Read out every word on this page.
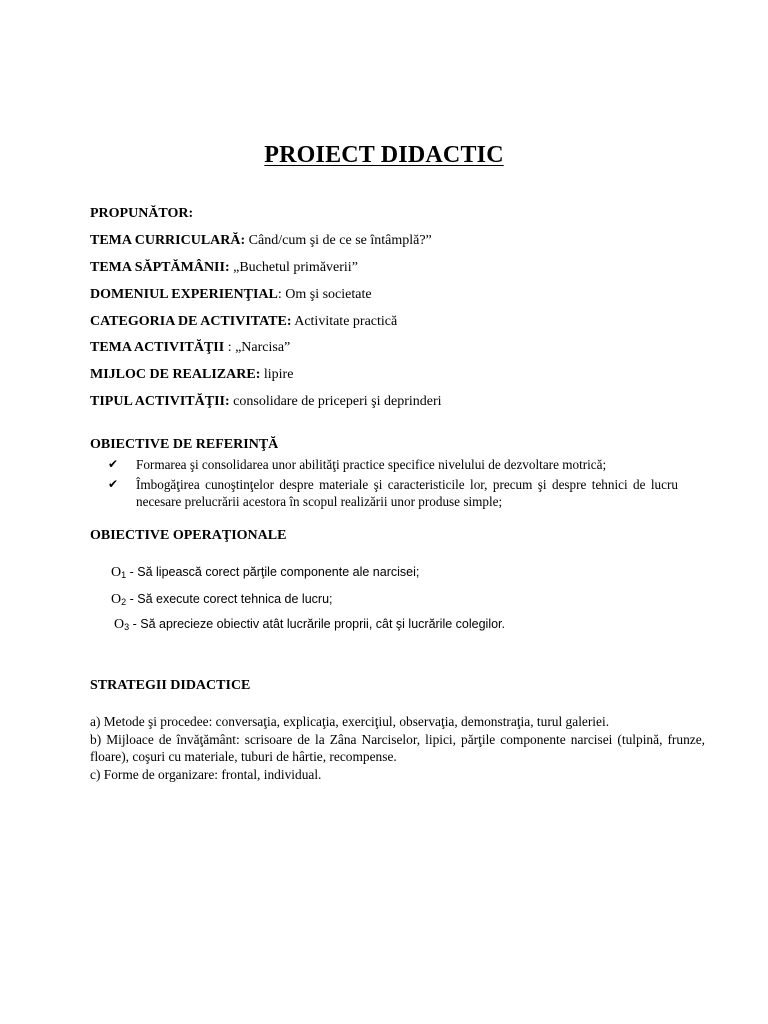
PROIECT DIDACTIC
PROPUNĂTOR:
TEMA CURRICULARĂ: Când/cum şi de ce se întâmplă?”
TEMA SĂPTĂMÂNII: „Buchetul primăverii”
DOMENIUL EXPERIENŢIAL: Om şi societate
CATEGORIA DE ACTIVITATE: Activitate practică
TEMA ACTIVITĂŢII : „Narcisa”
MIJLOC DE REALIZARE: lipire
TIPUL ACTIVITĂŢII: consolidare de priceperi şi deprinderi
OBIECTIVE DE REFERINŢĂ
✔	Formarea şi consolidarea unor abilităţi practice specifice nivelului de dezvoltare motrică;
✔	Îmbogăţirea cunoştinţelor despre materiale şi caracteristicile lor, precum şi despre tehnici de lucru necesare prelucrării acestora în scopul realizării unor produse simple;
OBIECTIVE OPERAŢIONALE
$O_1$ - Să lipească corect părţile componente ale narcisei;
$O_2$ - Să execute corect tehnica de lucru;
$O_3$ - Să aprecieze obiectiv atât lucrările proprii, cât şi lucrările colegilor.
STRATEGII DIDACTICE

a) Metode şi procedee: conversaţia, explicaţia, exerciţiul, observaţia, demonstraţia, turul galeriei.

b) Mijloace de învăţământ: scrisoare de la Zâna Narciselor, lipici, părţile componente narcisei (tulpină, frunze, floare), coşuri cu materiale, tuburi de hârtie, recompense.

c) Forme de organizare: frontal, individual.
